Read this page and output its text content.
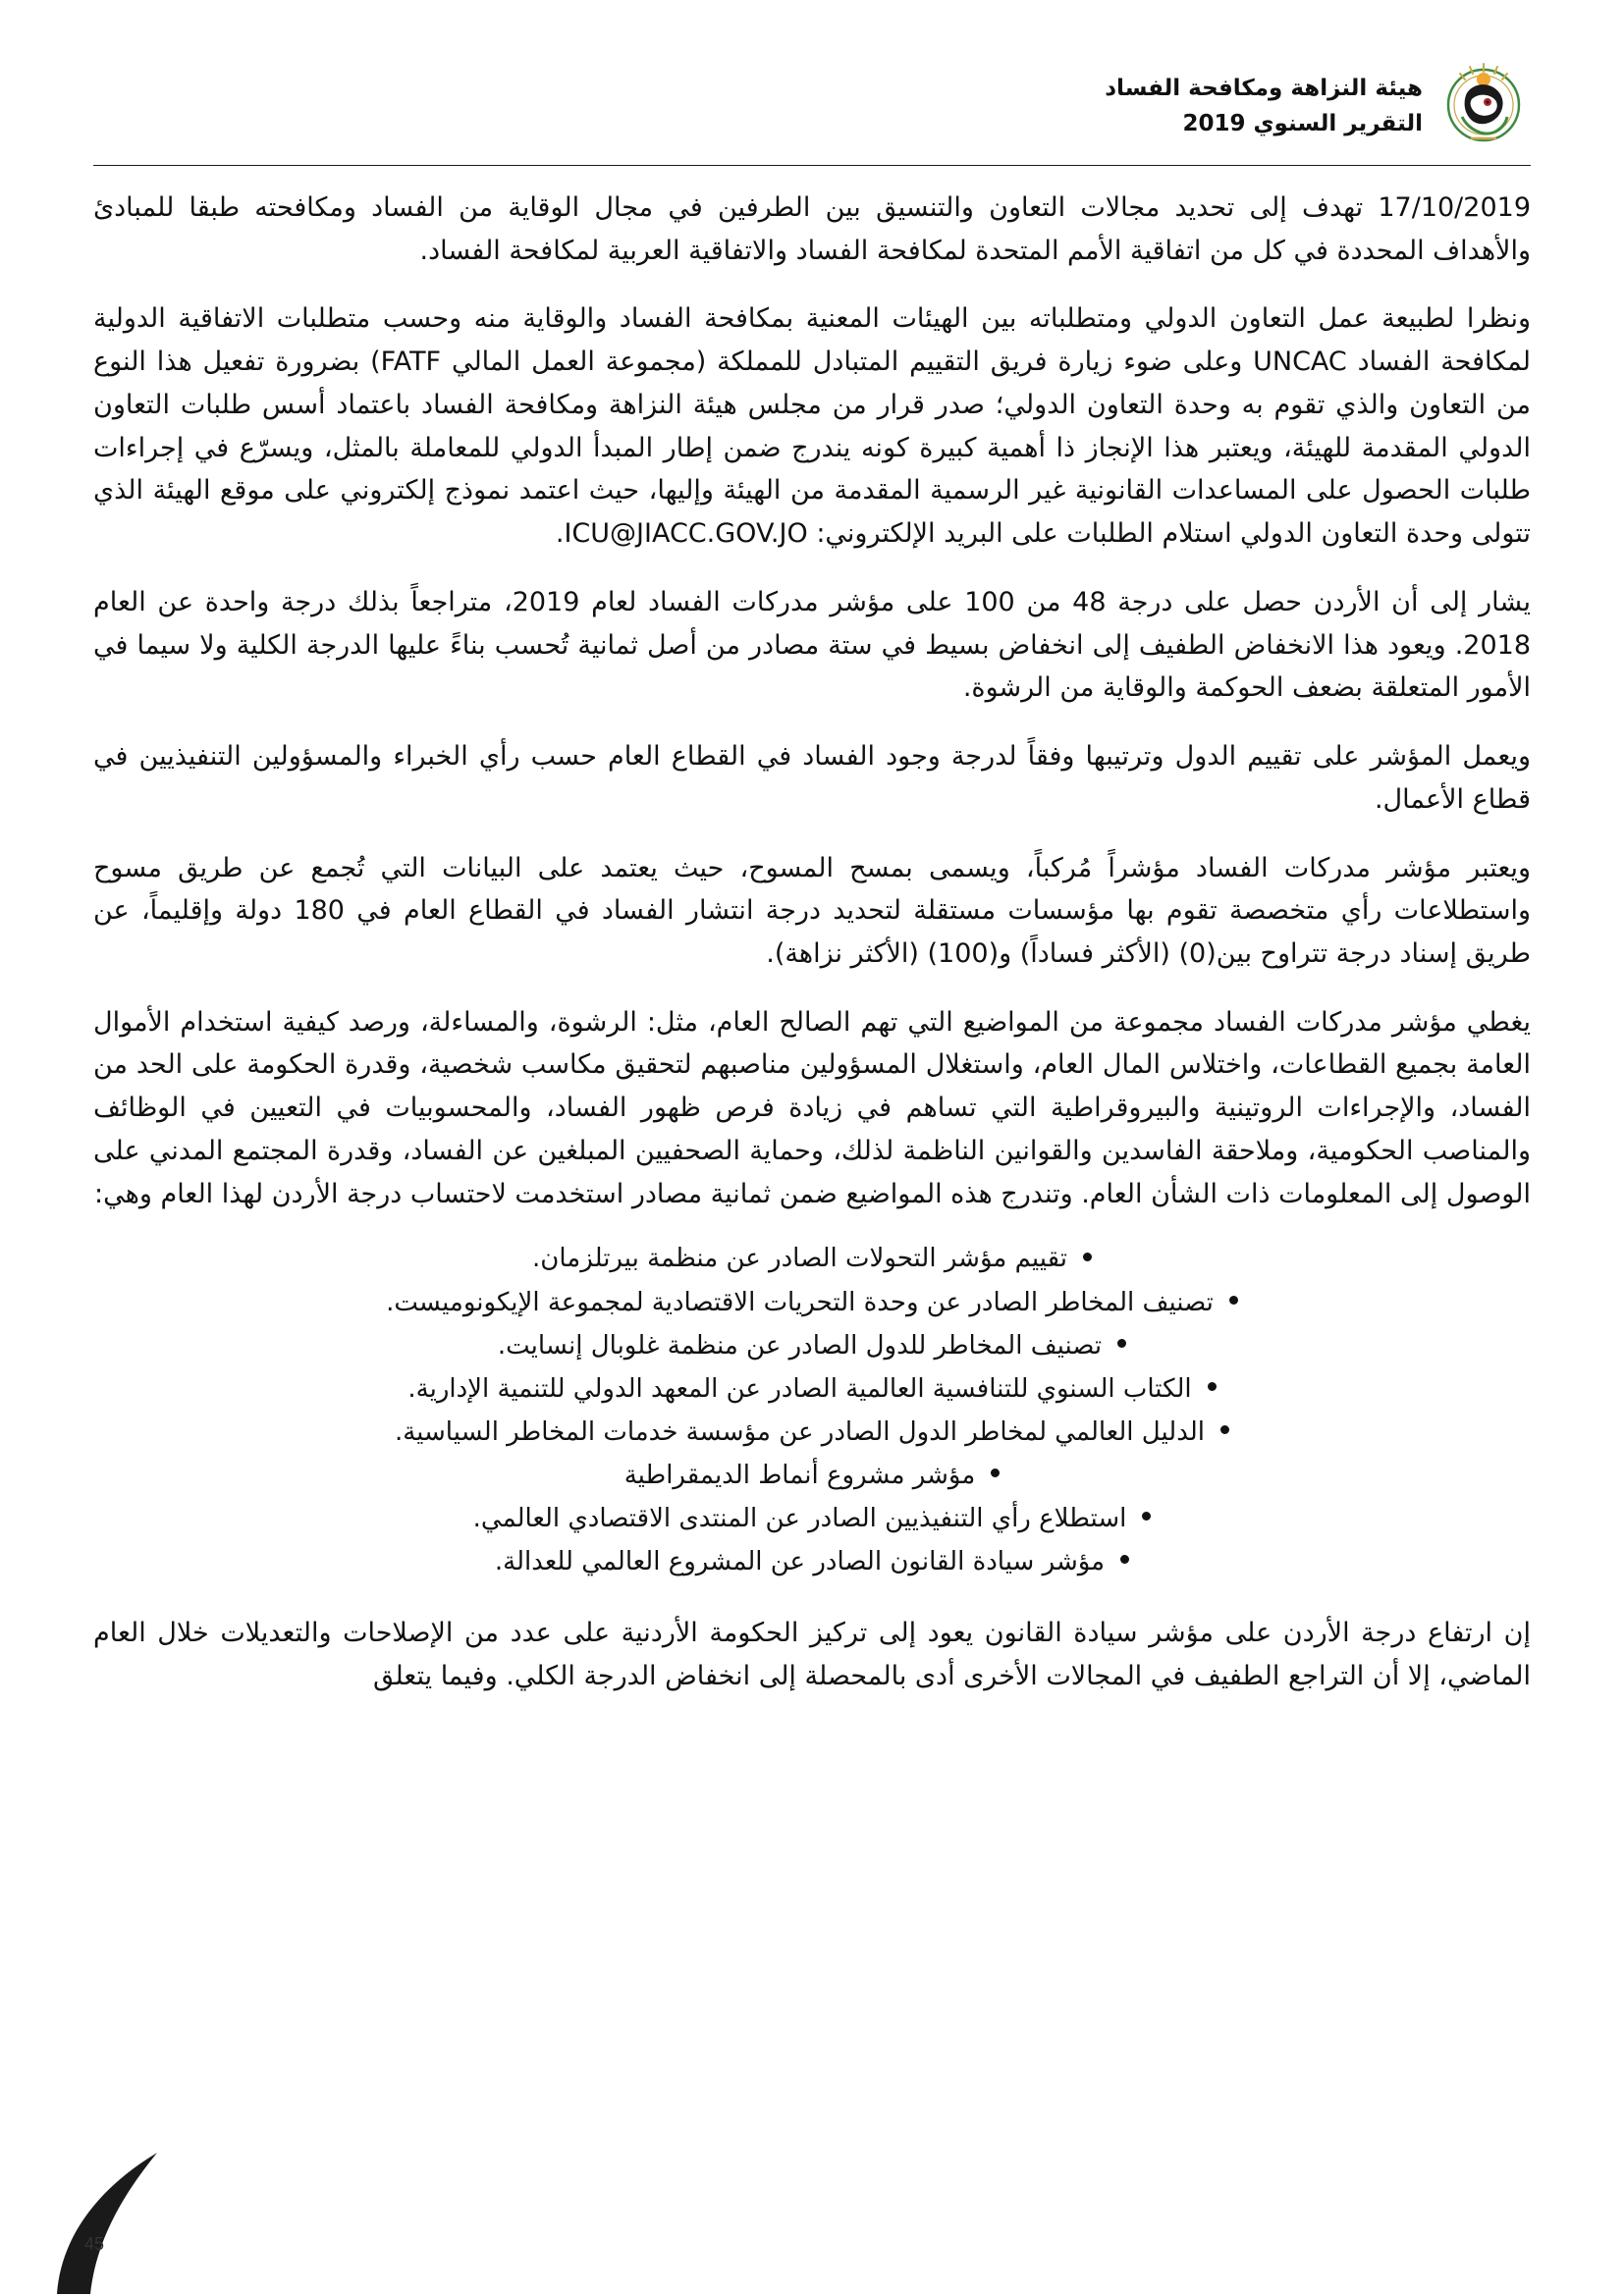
هيئة النزاهة ومكافحة الفساد
التقرير السنوي 2019

17/10/2019 تهدف إلى تحديد مجالات التعاون والتنسيق بين الطرفين في مجال الوقاية من الفساد ومكافحته طبقا للمبادئ والأهداف المحددة في كل من اتفاقية الأمم المتحدة لمكافحة الفساد والاتفاقية العربية لمكافحة الفساد.

ونظرا لطبيعة عمل التعاون الدولي ومتطلباته بين الهيئات المعنية بمكافحة الفساد والوقاية منه وحسب متطلبات الاتفاقية الدولية لمكافحة الفساد UNCAC وعلى ضوء زيارة فريق التقييم المتبادل للمملكة (مجموعة العمل المالي FATF) بضرورة تفعيل هذا النوع من التعاون والذي تقوم به وحدة التعاون الدولي؛ صدر قرار من مجلس هيئة النزاهة ومكافحة الفساد باعتماد أسس طلبات التعاون الدولي المقدمة للهيئة، ويعتبر هذا الإنجاز ذا أهمية كبيرة كونه يندرج ضمن إطار المبدأ الدولي للمعاملة بالمثل، ويسرّع في إجراءات طلبات الحصول على المساعدات القانونية غير الرسمية المقدمة من الهيئة وإليها، حيث اعتمد نموذج إلكتروني على موقع الهيئة الذي تتولى وحدة التعاون الدولي استلام الطلبات على البريد الإلكتروني: ICU@JIACC.GOV.JO.

يشار إلى أن الأردن حصل على درجة 48 من 100 على مؤشر مدركات الفساد لعام 2019، متراجعاً بذلك درجة واحدة عن العام 2018. ويعود هذا الانخفاض الطفيف إلى انخفاض بسيط في ستة مصادر من أصل ثمانية تُحسب بناءً عليها الدرجة الكلية ولا سيما في الأمور المتعلقة بضعف الحوكمة والوقاية من الرشوة.

ويعمل المؤشر على تقييم الدول وترتيبها وفقاً لدرجة وجود الفساد في القطاع العام حسب رأي الخبراء والمسؤولين التنفيذيين في قطاع الأعمال.

ويعتبر مؤشر مدركات الفساد مؤشراً مُركباً، ويسمى بمسح المسوح، حيث يعتمد على البيانات التي تُجمع عن طريق مسوح واستطلاعات رأي متخصصة تقوم بها مؤسسات مستقلة لتحديد درجة انتشار الفساد في القطاع العام في 180 دولة وإقليماً، عن طريق إسناد درجة تتراوح بين(0) (الأكثر فساداً) و(100) (الأكثر نزاهة).

يغطي مؤشر مدركات الفساد مجموعة من المواضيع التي تهم الصالح العام، مثل: الرشوة، والمساءلة، ورصد كيفية استخدام الأموال العامة بجميع القطاعات، واختلاس المال العام، واستغلال المسؤولين مناصبهم لتحقيق مكاسب شخصية، وقدرة الحكومة على الحد من الفساد، والإجراءات الروتينية والبيروقراطية التي تساهم في زيادة فرص ظهور الفساد، والمحسوبيات في التعيين في الوظائف والمناصب الحكومية، وملاحقة الفاسدين والقوانين الناظمة لذلك، وحماية الصحفيين المبلغين عن الفساد، وقدرة المجتمع المدني على الوصول إلى المعلومات ذات الشأن العام. وتندرج هذه المواضيع ضمن ثمانية مصادر استخدمت لاحتساب درجة الأردن لهذا العام وهي:

تقييم مؤشر التحولات الصادر عن منظمة بيرتلزمان.
تصنيف المخاطر الصادر عن وحدة التحريات الاقتصادية لمجموعة الإيكونوميست.
تصنيف المخاطر للدول الصادر عن منظمة غلوبال إنسايت.
الكتاب السنوي للتنافسية العالمية الصادر عن المعهد الدولي للتنمية الإدارية.
الدليل العالمي لمخاطر الدول الصادر عن مؤسسة خدمات المخاطر السياسية.
مؤشر مشروع أنماط الديمقراطية
استطلاع رأي التنفيذيين الصادر عن المنتدى الاقتصادي العالمي.
مؤشر سيادة القانون الصادر عن المشروع العالمي للعدالة.

إن ارتفاع درجة الأردن على مؤشر سيادة القانون يعود إلى تركيز الحكومة الأردنية على عدد من الإصلاحات والتعديلات خلال العام الماضي، إلا أن التراجع الطفيف في المجالات الأخرى أدى بالمحصلة إلى انخفاض الدرجة الكلي. وفيما يتعلق

45
